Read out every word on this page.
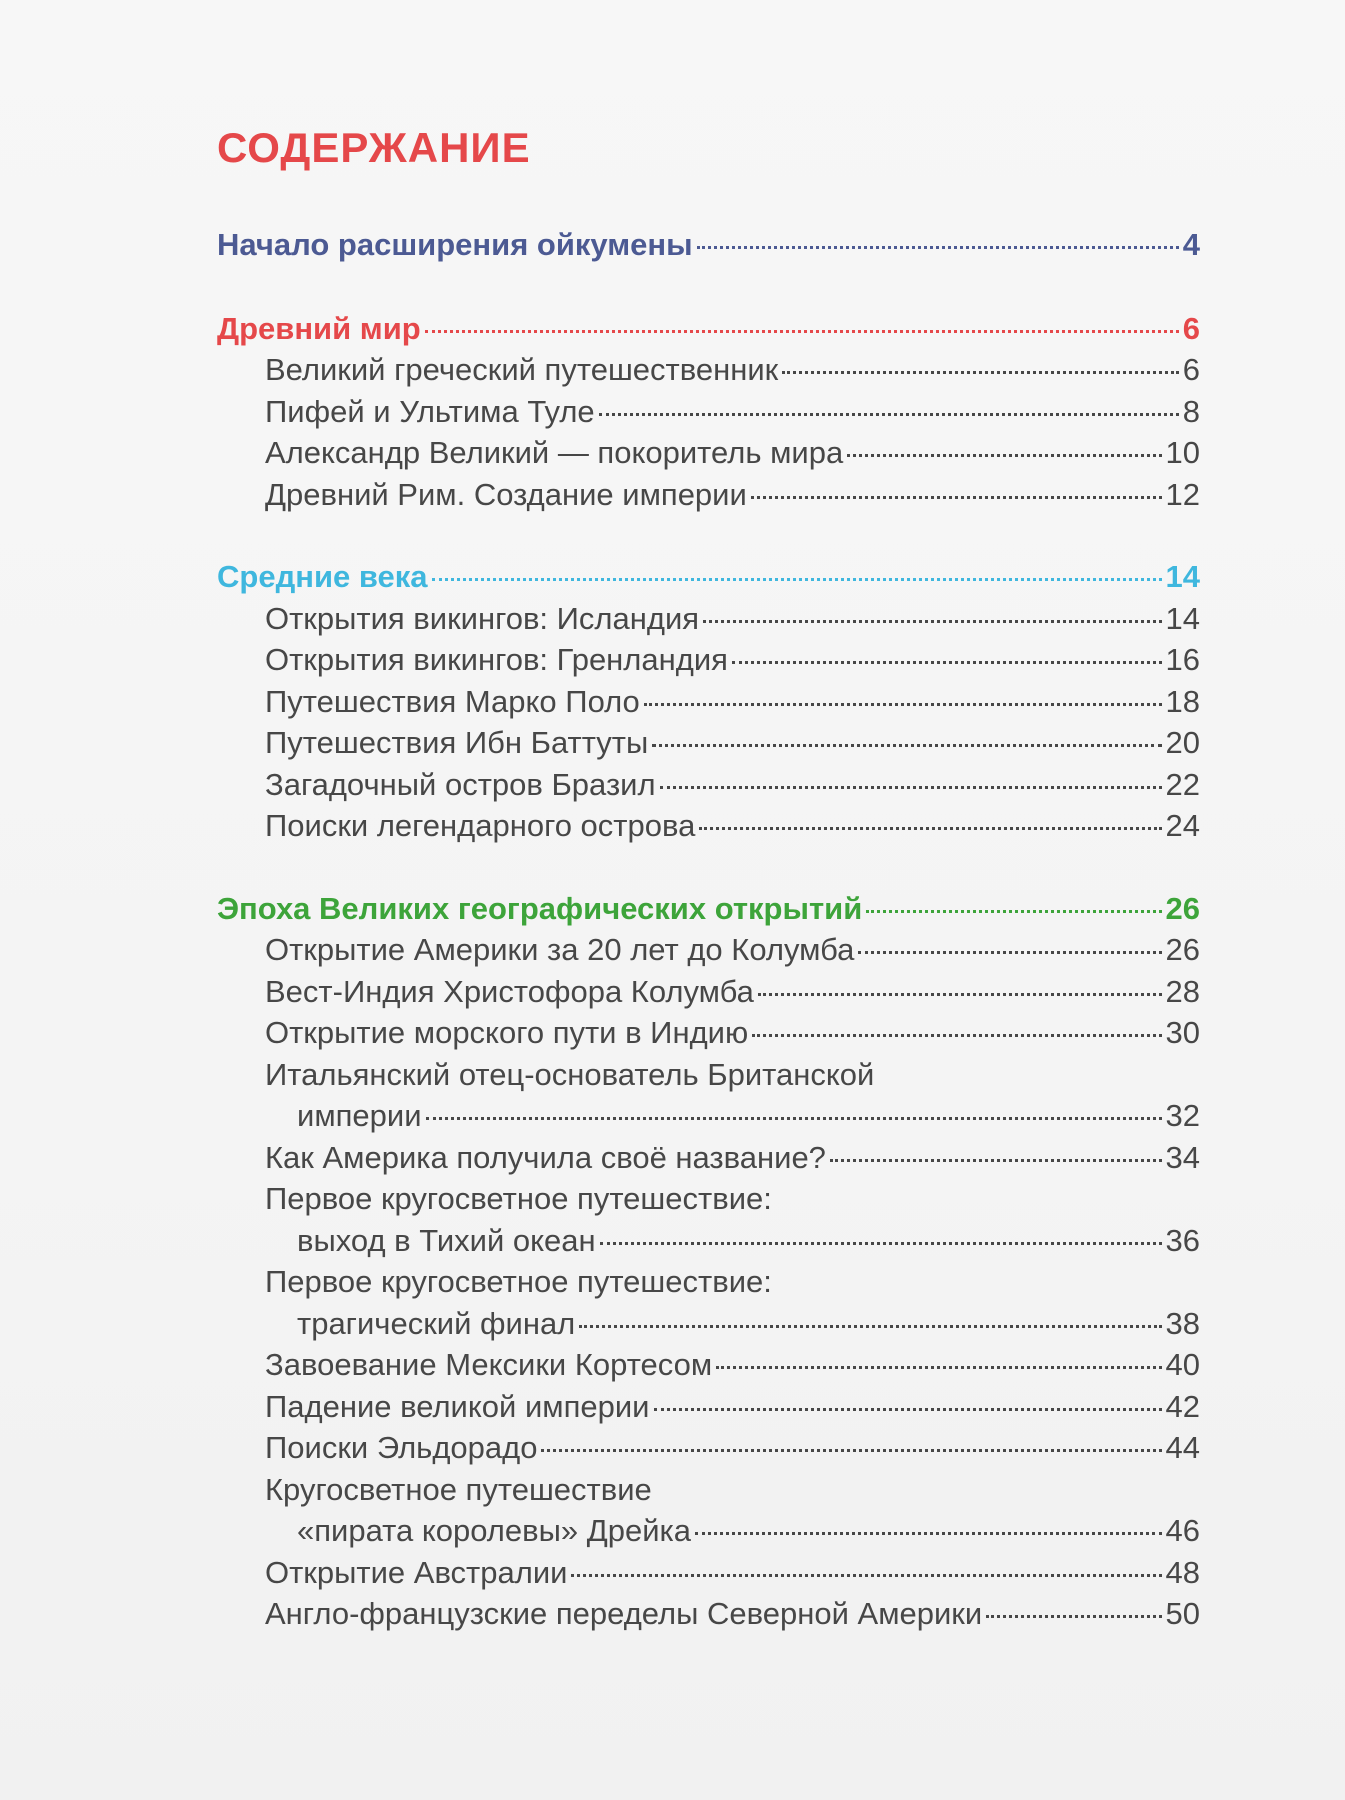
СОДЕРЖАНИЕ
Начало расширения ойкумены	4
Древний мир	6
Великий греческий путешественник	6
Пифей и Ультима Туле	8
Александр Великий — покоритель мира	10
Древний Рим. Создание империи	12
Средние века	14
Открытия викингов: Исландия	14
Открытия викингов: Гренландия	16
Путешествия Марко Поло	18
Путешествия Ибн Баттуты	20
Загадочный остров Бразил	22
Поиски легендарного острова	24
Эпоха Великих географических открытий	26
Открытие Америки за 20 лет до Колумба	26
Вест-Индия Христофора Колумба	28
Открытие морского пути в Индию	30
Итальянский отец-основатель Британской
империи	32
Как Америка получила своё название?	34
Первое кругосветное путешествие:
выход в Тихий океан	36
Первое кругосветное путешествие:
трагический финал	38
Завоевание Мексики Кортесом	40
Падение великой империи	42
Поиски Эльдорадо	44
Кругосветное путешествие
«пирата королевы» Дрейка	46
Открытие Австралии	48
Англо-французские переделы Северной Америки	50
